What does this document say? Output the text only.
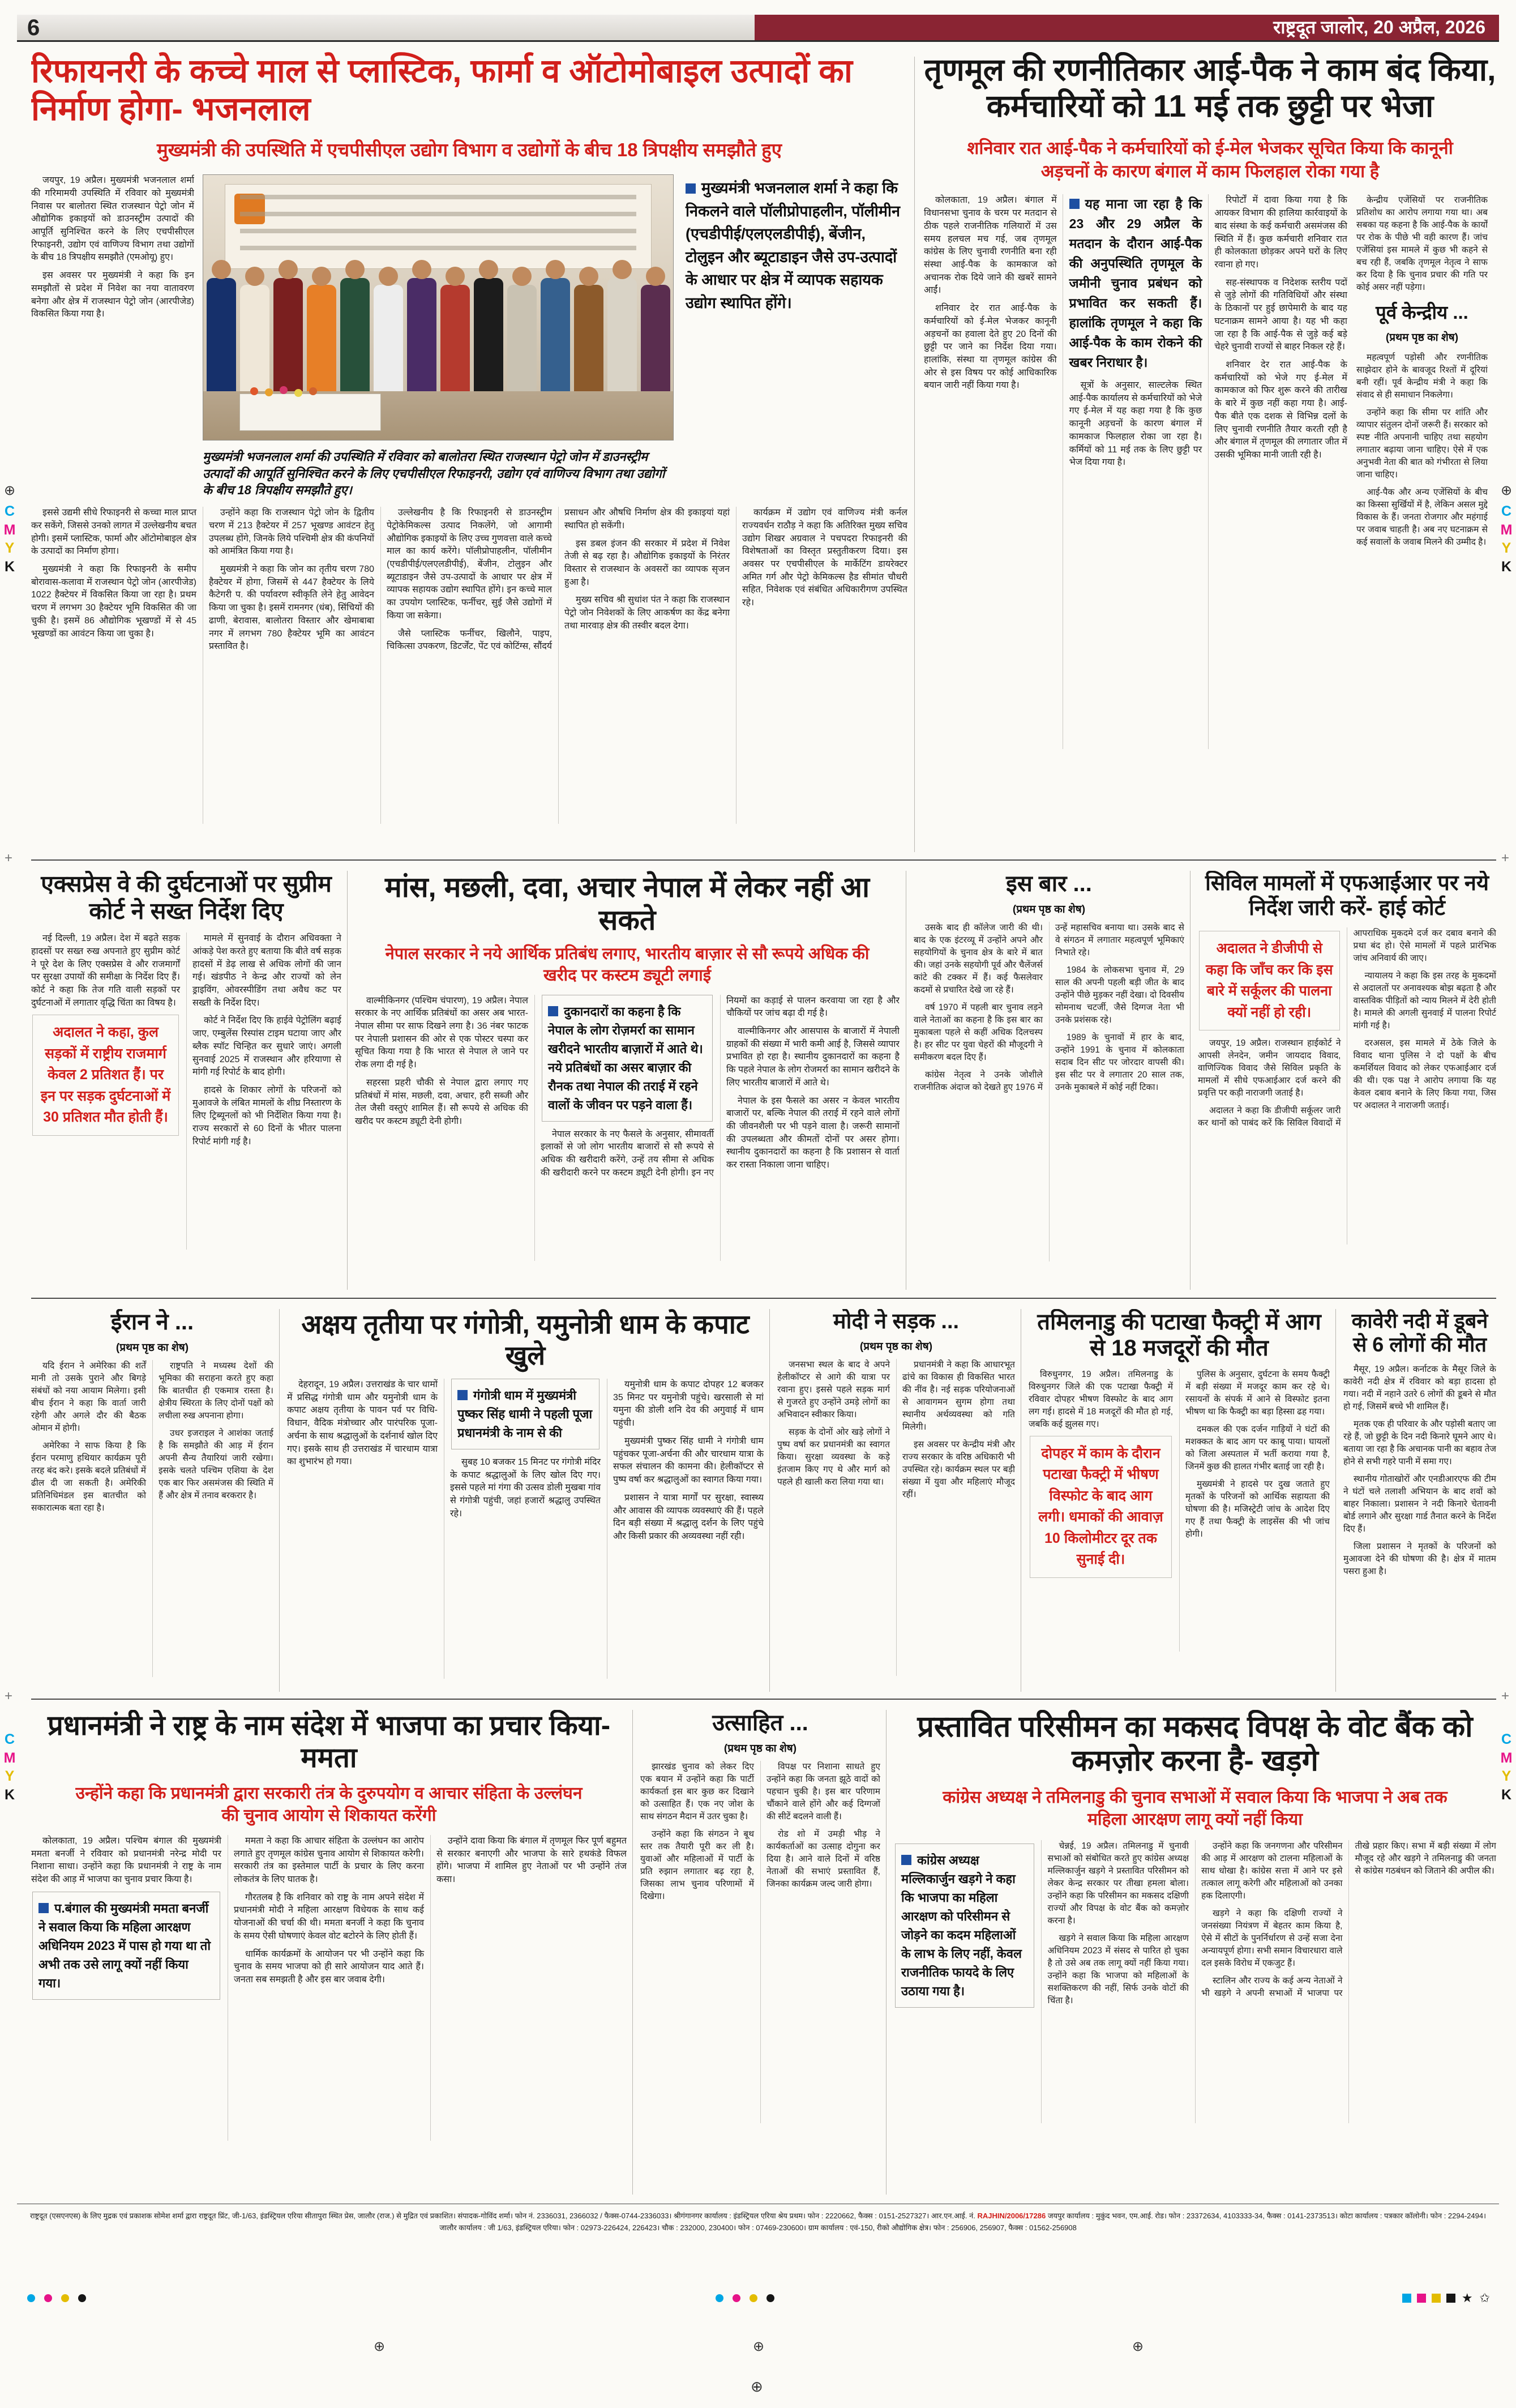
6	राष्ट्रदूत जालोर, 20 अप्रैल, 2026
रिफायनरी के कच्चे माल से प्लास्टिक, फार्मा व ऑटोमोबाइल उत्पादों का निर्माण होगा- भजनलाल
मुख्यमंत्री की उपस्थिति में एचपीसीएल उद्योग विभाग व उद्योगों के बीच 18 त्रिपक्षीय समझौते हुए

जयपुर, 19 अप्रैल। मुख्यमंत्री भजनलाल शर्मा की गरिमामयी उपस्थिति में रविवार को मुख्यमंत्री निवास पर बालोतरा स्थित राजस्थान पेट्रो जोन में औद्योगिक इकाइयों को डाउनस्ट्रीम उत्पादों की आपूर्ति सुनिश्चित करने के लिए एचपीसीएल रिफाइनरी, उद्योग एवं वाणिज्य विभाग तथा उद्योगों के बीच 18 त्रिपक्षीय समझौते (एमओयू) हुए।

इस अवसर पर मुख्यमंत्री ने कहा कि इन समझौतों से प्रदेश में निवेश का नया वातावरण बनेगा और क्षेत्र में राजस्थान पेट्रो जोन (आरपीजेड) विकसित किया गया है।

मुख्यमंत्री भजनलाल शर्मा ने कहा कि निकलने वाले पॉलीप्रोपाहलीन, पॉलीमीन (एचडीपीई/एलएलडीपीई), बेंजीन, टोलुइन और ब्यूटाडाइन जैसे उप-उत्पादों के आधार पर क्षेत्र में व्यापक सहायक उद्योग स्थापित होंगे।
मुख्यमंत्री भजनलाल शर्मा की उपस्थिति में रविवार को बालोतरा स्थित राजस्थान पेट्रो जोन में डाउनस्ट्रीम उत्पादों की आपूर्ति सुनिश्चित करने के लिए एचपीसीएल रिफाइनरी, उद्योग एवं वाणिज्य विभाग तथा उद्योगों के बीच 18 त्रिपक्षीय समझौते हुए।

इससे उद्यमी सीधे रिफाइनरी से कच्चा माल प्राप्त कर सकेंगे, जिससे उनको लागत में उल्लेखनीय बचत होगी। इसमें प्लास्टिक, फार्मा और ऑटोमोबाइल क्षेत्र के उत्पादों का निर्माण होगा।

मुख्यमंत्री ने कहा कि रिफाइनरी के समीप बोरावास-कलावा में राजस्थान पेट्रो जोन (आरपीजेड) 1022 हैक्टेयर में विकसित किया जा रहा है। प्रथम चरण में लगभग 30 हैक्टेयर भूमि विकसित की जा चुकी है। इसमें 86 औद्योगिक भूखण्डों में से 45 भूखण्डों का आवंटन किया जा चुका है।

उन्होंने कहा कि राजस्थान पेट्रो जोन के द्वितीय चरण में 213 हैक्टेयर में 257 भूखण्ड आवंटन हेतु उपलब्ध होंगे, जिनके लिये पश्चिमी क्षेत्र की कंपनियों को आमंत्रित किया गया है।

मुख्यमंत्री ने कहा कि जोन का तृतीय चरण 780 हैक्टेयर में होगा, जिसमें से 447 हैक्टेयर के लिये कैटेगरी प. की पर्यावरण स्वीकृति लेने हेतु आवेदन किया जा चुका है। इसमें रामनगर (धंब), सिंचियों की ढाणी, बेरावास, बालोतरा विस्तार और खेमाबाबा नगर में लगभग 780 हैक्टेयर भूमि का आवंटन प्रस्तावित है।

उल्लेखनीय है कि रिफाइनरी से डाउनस्ट्रीम पेट्रोकेमिकल्स उत्पाद निकलेंगे, जो आगामी औद्योगिक इकाइयों के लिए उच्च गुणवत्ता वाले कच्चे माल का कार्य करेंगे। पॉलीप्रोपाहलीन, पॉलीमीन (एचडीपीई/एलएलडीपीई), बेंजीन, टोलुइन और ब्यूटाडाइन जैसे उप-उत्पादों के आधार पर क्षेत्र में व्यापक सहायक उद्योग स्थापित होंगे। इन कच्चे माल का उपयोग प्लास्टिक, फर्नीचर, सुई जैसे उद्योगों में किया जा सकेगा।

जैसे प्लास्टिक फर्नीचर, खिलौने, पाइप, चिकित्सा उपकरण, डिटर्जेंट, पेंट एवं कोटिंग्स, सौंदर्य प्रसाधन और औषधि निर्माण क्षेत्र की इकाइयां यहां स्थापित हो सकेंगी।

इस डबल इंजन की सरकार में प्रदेश में निवेश तेजी से बढ़ रहा है। औद्योगिक इकाइयों के निरंतर विस्तार से राजस्थान के अवसरों का व्यापक सृजन हुआ है।

मुख्य सचिव श्री सुधांश पंत ने कहा कि राजस्थान पेट्रो जोन निवेशकों के लिए आकर्षण का केंद्र बनेगा तथा मारवाड़ क्षेत्र की तस्वीर बदल देगा।

कार्यक्रम में उद्योग एवं वाणिज्य मंत्री कर्नल राज्यवर्धन राठौड़ ने कहा कि अतिरिक्त मुख्य सचिव उद्योग शिखर अग्रवाल ने पचपदरा रिफाइनरी की विशेषताओं का विस्तृत प्रस्तुतीकरण दिया। इस अवसर पर एचपीसीएल के मार्केटिंग डायरेक्टर अमित गर्ग और पेट्रो केमिकल्स हैड सीमांत चौधरी सहित, निवेशक एवं संबंधित अधिकारीगण उपस्थित रहे।

तृणमूल की रणनीतिकार आई-पैक ने काम बंद किया, कर्मचारियों को 11 मई तक छुट्टी पर भेजा
शनिवार रात आई-पैक ने कर्मचारियों को ई-मेल भेजकर सूचित किया कि कानूनी अड़चनों के कारण बंगाल में काम फिलहाल रोका गया है

कोलकाता, 19 अप्रैल। बंगाल में विधानसभा चुनाव के चरम पर मतदान से ठीक पहले राजनीतिक गलियारों में उस समय हलचल मच गई, जब तृणमूल कांग्रेस के लिए चुनावी रणनीति बना रही संस्था आई-पैक के कामकाज को अचानक रोक दिये जाने की खबरें सामने आईं।

शनिवार देर रात आई-पैक के कर्मचारियों को ई-मेल भेजकर कानूनी अड़चनों का हवाला देते हुए 20 दिनों की छुट्टी पर जाने का निर्देश दिया गया। हालांकि, संस्था या तृणमूल कांग्रेस की ओर से इस विषय पर कोई आधिकारिक बयान जारी नहीं किया गया है।

यह माना जा रहा है कि 23 और 29 अप्रैल के मतदान के दौरान आई-पैक की अनुपस्थिति तृणमूल के जमीनी चुनाव प्रबंधन को प्रभावित कर सकती हैं। हालांकि तृणमूल ने कहा कि आई-पैक के काम रोकने की खबर निराधार है।

सूत्रों के अनुसार, साल्टलेक स्थित आई-पैक कार्यालय से कर्मचारियों को भेजे गए ई-मेल में यह कहा गया है कि कुछ कानूनी अड़चनों के कारण बंगाल में कामकाज फिलहाल रोका जा रहा है। कर्मियों को 11 मई तक के लिए छुट्टी पर भेज दिया गया है।

रिपोर्टों में दावा किया गया है कि आयकर विभाग की हालिया कार्रवाइयों के बाद संस्था के कई कर्मचारी असमंजस की स्थिति में हैं। कुछ कर्मचारी शनिवार रात ही कोलकाता छोड़कर अपने घरों के लिए रवाना हो गए।

सह-संस्थापक व निदेशक स्तरीय पदों से जुड़े लोगों की गतिविधियों और संस्था के ठिकानों पर हुई छापेमारी के बाद यह घटनाक्रम सामने आया है। यह भी कहा जा रहा है कि आई-पैक से जुड़े कई बड़े चेहरे चुनावी राज्यों से बाहर निकल रहे हैं।

शनिवार देर रात आई-पैक के कर्मचारियों को भेजे गए ई-मेल में कामकाज को फिर शुरू करने की तारीख के बारे में कुछ नहीं कहा गया है। आई-पैक बीते एक दशक से विभिन्न दलों के लिए चुनावी रणनीति तैयार करती रही है और बंगाल में तृणमूल की लगातार जीत में उसकी भूमिका मानी जाती रही है।

केन्द्रीय एजेंसियों पर राजनीतिक प्रतिशोध का आरोप लगाया गया था। अब सबका यह कहना है कि आई-पैक के कार्यों पर रोक के पीछे भी वही कारण हैं। जांच एजेंसियां इस मामले में कुछ भी कहने से बच रही हैं, जबकि तृणमूल नेतृत्व ने साफ कर दिया है कि चुनाव प्रचार की गति पर कोई असर नहीं पड़ेगा।

पूर्व केन्द्रीय ...
(प्रथम पृष्ठ का शेष)

महत्वपूर्ण पड़ोसी और रणनीतिक साझेदार होने के बावजूद रिश्तों में दूरियां बनी रहीं। पूर्व केन्द्रीय मंत्री ने कहा कि संवाद से ही समाधान निकलेगा।

उन्होंने कहा कि सीमा पर शांति और व्यापार संतुलन दोनों जरूरी हैं। सरकार को स्पष्ट नीति अपनानी चाहिए तथा सहयोग लगातार बढ़ाया जाना चाहिए। ऐसे में एक अनुभवी नेता की बात को गंभीरता से लिया जाना चाहिए।

आई-पैक और अन्य एजेंसियों के बीच का किस्सा सुर्खियों में है, लेकिन असल मुद्दे विकास के हैं। जनता रोजगार और महंगाई पर जवाब चाहती है। अब नए घटनाक्रम से कई सवालों के जवाब मिलने की उम्मीद है।

एक्सप्रेस वे की दुर्घटनाओं पर सुप्रीम कोर्ट ने सख्त निर्देश दिए

नई दिल्ली, 19 अप्रैल। देश में बढ़ते सड़क हादसों पर सख्त रुख अपनाते हुए सुप्रीम कोर्ट ने पूरे देश के लिए एक्सप्रेस वे और राजमार्गों पर सुरक्षा उपायों की समीक्षा के निर्देश दिए हैं। कोर्ट ने कहा कि तेज गति वाली सड़कों पर दुर्घटनाओं में लगातार वृद्धि चिंता का विषय है।

अदालत ने कहा, कुल सड़कों में राष्ट्रीय राजमार्ग केवल 2 प्रतिशत हैं। पर इन पर सड़क दुर्घटनाओं में 30 प्रतिशत मौत होती हैं।

मामले में सुनवाई के दौरान अधिवक्ता ने आंकड़े पेश करते हुए बताया कि बीते वर्ष सड़क हादसों में डेढ़ लाख से अधिक लोगों की जान गई। खंडपीठ ने केन्द्र और राज्यों को लेन ड्राइविंग, ओवरस्पीडिंग तथा अवैध कट पर सख्ती के निर्देश दिए।

कोर्ट ने निर्देश दिए कि हाईवे पेट्रोलिंग बढ़ाई जाए, एम्बुलेंस रिस्पांस टाइम घटाया जाए और ब्लैक स्पॉट चिन्हित कर सुधारे जाएं। अगली सुनवाई 2025 में राजस्थान और हरियाणा से मांगी गई रिपोर्ट के बाद होगी।

हादसे के शिकार लोगों के परिजनों को मुआवजे के लंबित मामलों के शीघ्र निस्तारण के लिए ट्रिब्यूनलों को भी निर्देशित किया गया है। राज्य सरकारों से 60 दिनों के भीतर पालना रिपोर्ट मांगी गई है।

मांस, मछली, दवा, अचार नेपाल में लेकर नहीं आ सकते
नेपाल सरकार ने नये आर्थिक प्रतिबंध लगाए, भारतीय बाज़ार से सौ रूपये अधिक की खरीद पर कस्टम ड्यूटी लगाई

वाल्मीकिनगर (पश्चिम चंपारण), 19 अप्रैल। नेपाल सरकार के नए आर्थिक प्रतिबंधों का असर अब भारत-नेपाल सीमा पर साफ दिखने लगा है। 36 नंबर फाटक पर नेपाली प्रशासन की ओर से एक पोस्टर चस्पा कर सूचित किया गया है कि भारत से नेपाल ले जाने पर रोक लगा दी गई है।

सहरसा प्रहरी चौकी से नेपाल द्वारा लगाए गए प्रतिबंधों में मांस, मछली, दवा, अचार, हरी सब्जी और तेल जैसी वस्तुएं शामिल हैं। सौ रूपये से अधिक की खरीद पर कस्टम ड्यूटी देनी होगी।

दुकानदारों का कहना है कि नेपाल के लोग रोज़मर्रा का सामान खरीदने भारतीय बाज़ारों में आते थे। नये प्रतिबंधों का असर बाज़ार की रौनक तथा नेपाल की तराई में रहने वालों के जीवन पर पड़ने वाला हैं।

नेपाल सरकार के नए फैसले के अनुसार, सीमावर्ती इलाकों से जो लोग भारतीय बाजारों से सौ रूपये से अधिक की खरीदारी करेंगे, उन्हें तय सीमा से अधिक की खरीदारी करने पर कस्टम ड्यूटी देनी होगी। इन नए नियमों का कड़ाई से पालन करवाया जा रहा है और चौकियों पर जांच बढ़ा दी गई है।

वाल्मीकिनगर और आसपास के बाजारों में नेपाली ग्राहकों की संख्या में भारी कमी आई है, जिससे व्यापार प्रभावित हो रहा है। स्थानीय दुकानदारों का कहना है कि पहले नेपाल के लोग रोजमर्रा का सामान खरीदने के लिए भारतीय बाजारों में आते थे।

नेपाल के इस फैसले का असर न केवल भारतीय बाजारों पर, बल्कि नेपाल की तराई में रहने वाले लोगों की जीवनशैली पर भी पड़ने वाला है। जरूरी सामानों की उपलब्धता और कीमतों दोनों पर असर होगा। स्थानीय दुकानदारों का कहना है कि प्रशासन से वार्ता कर रास्ता निकाला जाना चाहिए।

इस बार ...
(प्रथम पृष्ठ का शेष)

उसके बाद ही कॉलेज जारी की थी। बाद के एक इंटरव्यू में उन्होंने अपने और सहयोगियों के चुनाव क्षेत्र के बारे में बात की। जहां उनके सहयोगी पूर्व और चैलेंजर्स कांटे की टक्कर में हैं। कई फैसलेवार कदमों से प्रचारित देखे जा रहे हैं।

वर्ष 1970 में पहली बार चुनाव लड़ने वाले नेताओं का कहना है कि इस बार का मुकाबला पहले से कहीं अधिक दिलचस्प है। हर सीट पर युवा चेहरों की मौजूदगी ने समीकरण बदल दिए हैं।

कांग्रेस नेतृत्व ने उनके जोशीले राजनीतिक अंदाज को देखते हुए 1976 में उन्हें महासचिव बनाया था। उसके बाद से वे संगठन में लगातार महत्वपूर्ण भूमिकाएं निभाते रहे।

1984 के लोकसभा चुनाव में, 29 साल की अपनी पहली बड़ी जीत के बाद उन्होंने पीछे मुड़कर नहीं देखा। दो दिवसीय सोमनाथ चटर्जी, जैसे दिग्गज नेता भी उनके प्रशंसक रहे।

1989 के चुनावों में हार के बाद, उन्होंने 1991 के चुनाव में कोलकाता सदाब दिन सीट पर जोरदार वापसी की। इस सीट पर वे लगातार 20 साल तक, उनके मुकाबले में कोई नहीं टिका।

सिविल मामलों में एफआईआर पर नये निर्देश जारी करें- हाई कोर्ट
अदालत ने डीजीपी से कहा कि जाँच कर कि इस बारे में सर्कूलर की पालना क्यों नहीं हो रही।

जयपुर, 19 अप्रैल। राजस्थान हाईकोर्ट ने आपसी लेनदेन, जमीन जायदाद विवाद, वाणिज्यिक विवाद जैसे सिविल प्रकृति के मामलों में सीधे एफआईआर दर्ज करने की प्रवृत्ति पर कड़ी नाराजगी जताई है।

अदालत ने कहा कि डीजीपी सर्कूलर जारी कर थानों को पाबंद करें कि सिविल विवादों में आपराधिक मुकदमे दर्ज कर दबाव बनाने की प्रथा बंद हो। ऐसे मामलों में पहले प्रारंभिक जांच अनिवार्य की जाए।

न्यायालय ने कहा कि इस तरह के मुकदमों से अदालतों पर अनावश्यक बोझ बढ़ता है और वास्तविक पीड़ितों को न्याय मिलने में देरी होती है। मामले की अगली सुनवाई में पालना रिपोर्ट मांगी गई है।

दरअसल, इस मामले में ठेके जिले के विवाद थाना पुलिस ने दो पक्षों के बीच कमर्शियल विवाद को लेकर एफआईआर दर्ज की थी। एक पक्ष ने आरोप लगाया कि यह केवल दबाव बनाने के लिए किया गया, जिस पर अदालत ने नाराजगी जताई।

ईरान ने ...
(प्रथम पृष्ठ का शेष)

यदि ईरान ने अमेरिका की शर्तें मानी तो उसके पुराने और बिगड़े संबंधों को नया आयाम मिलेगा। इसी बीच ईरान ने कहा कि वार्ता जारी रहेगी और अगले दौर की बैठक ओमान में होगी।

अमेरिका ने साफ किया है कि ईरान परमाणु हथियार कार्यक्रम पूरी तरह बंद करे। इसके बदले प्रतिबंधों में ढील दी जा सकती है। अमेरिकी प्रतिनिधिमंडल इस बातचीत को सकारात्मक बता रहा है।

राष्ट्रपति ने मध्यस्थ देशों की भूमिका की सराहना करते हुए कहा कि बातचीत ही एकमात्र रास्ता है। क्षेत्रीय स्थिरता के लिए दोनों पक्षों को लचीला रुख अपनाना होगा।

उधर इजराइल ने आशंका जताई है कि समझौते की आड़ में ईरान अपनी सैन्य तैयारियां जारी रखेगा। इसके चलते पश्चिम एशिया के देश एक बार फिर असमंजस की स्थिति में हैं और क्षेत्र में तनाव बरकरार है।

अक्षय तृतीया पर गंगोत्री, यमुनोत्री धाम के कपाट खुले

देहरादून, 19 अप्रैल। उत्तराखंड के चार धामों में प्रसिद्ध गंगोत्री धाम और यमुनोत्री धाम के कपाट अक्षय तृतीया के पावन पर्व पर विधि-विधान, वैदिक मंत्रोच्चार और पारंपरिक पूजा-अर्चना के साथ श्रद्धालुओं के दर्शनार्थ खोल दिए गए। इसके साथ ही उत्तराखंड में चारधाम यात्रा का शुभारंभ हो गया।

गंगोत्री धाम में मुख्यमंत्री पुष्कर सिंह धामी ने पहली पूजा प्रधानमंत्री के नाम से की

सुबह 10 बजकर 15 मिनट पर गंगोत्री मंदिर के कपाट श्रद्धालुओं के लिए खोल दिए गए। इससे पहले मां गंगा की उत्सव डोली मुखबा गांव से गंगोत्री पहुंची, जहां हजारों श्रद्धालु उपस्थित रहे।

यमुनोत्री धाम के कपाट दोपहर 12 बजकर 35 मिनट पर यमुनोत्री पहुंचे। खरसाली से मां यमुना की डोली शनि देव की अगुवाई में धाम पहुंची।

मुख्यमंत्री पुष्कर सिंह धामी ने गंगोत्री धाम पहुंचकर पूजा-अर्चना की और चारधाम यात्रा के सफल संचालन की कामना की। हेलीकॉप्टर से पुष्प वर्षा कर श्रद्धालुओं का स्वागत किया गया।

प्रशासन ने यात्रा मार्गों पर सुरक्षा, स्वास्थ्य और आवास की व्यापक व्यवस्थाएं की हैं। पहले दिन बड़ी संख्या में श्रद्धालु दर्शन के लिए पहुंचे और किसी प्रकार की अव्यवस्था नहीं रही।

मोदी ने सड़क ...
(प्रथम पृष्ठ का शेष)

जनसभा स्थल के बाद वे अपने हेलीकॉप्टर से आगे की यात्रा पर रवाना हुए। इससे पहले सड़क मार्ग से गुजरते हुए उन्होंने उमड़े लोगों का अभिवादन स्वीकार किया।

सड़क के दोनों ओर खड़े लोगों ने पुष्प वर्षा कर प्रधानमंत्री का स्वागत किया। सुरक्षा व्यवस्था के कड़े इंतजाम किए गए थे और मार्ग को पहले ही खाली करा लिया गया था।

प्रधानमंत्री ने कहा कि आधारभूत ढांचे का विकास ही विकसित भारत की नींव है। नई सड़क परियोजनाओं से आवागमन सुगम होगा तथा स्थानीय अर्थव्यवस्था को गति मिलेगी।

इस अवसर पर केन्द्रीय मंत्री और राज्य सरकार के वरिष्ठ अधिकारी भी उपस्थित रहे। कार्यक्रम स्थल पर बड़ी संख्या में युवा और महिलाएं मौजूद रहीं।

तमिलनाडु की पटाखा फैक्ट्री में आग से 18 मजदूरों की मौत

विरुधुनगर, 19 अप्रैल। तमिलनाडु के विरुधुनगर जिले की एक पटाखा फैक्ट्री में रविवार दोपहर भीषण विस्फोट के बाद आग लग गई। हादसे में 18 मजदूरों की मौत हो गई, जबकि कई झुलस गए।

दोपहर में काम के दौरान पटाखा फैक्ट्री में भीषण विस्फोट के बाद आग लगी। धमाकों की आवाज़ 10 किलोमीटर दूर तक सुनाई दी।

पुलिस के अनुसार, दुर्घटना के समय फैक्ट्री में बड़ी संख्या में मजदूर काम कर रहे थे। रसायनों के संपर्क में आने से विस्फोट इतना भीषण था कि फैक्ट्री का बड़ा हिस्सा ढह गया।

दमकल की एक दर्जन गाड़ियों ने घंटों की मशक्कत के बाद आग पर काबू पाया। घायलों को जिला अस्पताल में भर्ती कराया गया है, जिनमें कुछ की हालत गंभीर बताई जा रही है।

मुख्यमंत्री ने हादसे पर दुख जताते हुए मृतकों के परिजनों को आर्थिक सहायता की घोषणा की है। मजिस्ट्रेटी जांच के आदेश दिए गए हैं तथा फैक्ट्री के लाइसेंस की भी जांच होगी।

कावेरी नदी में डूबने से 6 लोगों की मौत

मैसूर, 19 अप्रैल। कर्नाटक के मैसूर जिले के कावेरी नदी क्षेत्र में रविवार को बड़ा हादसा हो गया। नदी में नहाने उतरे 6 लोगों की डूबने से मौत हो गई, जिसमें बच्चे भी शामिल हैं।

मृतक एक ही परिवार के और पड़ोसी बताए जा रहे हैं, जो छुट्टी के दिन नदी किनारे घूमने आए थे। बताया जा रहा है कि अचानक पानी का बहाव तेज होने से सभी गहरे पानी में समा गए।

स्थानीय गोताखोरों और एनडीआरएफ की टीम ने घंटों चले तलाशी अभियान के बाद शवों को बाहर निकाला। प्रशासन ने नदी किनारे चेतावनी बोर्ड लगाने और सुरक्षा गार्ड तैनात करने के निर्देश दिए हैं।

जिला प्रशासन ने मृतकों के परिजनों को मुआवजा देने की घोषणा की है। क्षेत्र में मातम पसरा हुआ है।

प्रधानमंत्री ने राष्ट्र के नाम संदेश में भाजपा का प्रचार किया- ममता
उन्होंने कहा कि प्रधानमंत्री द्वारा सरकारी तंत्र के दुरुपयोग व आचार संहिता के उल्लंघन की चुनाव आयोग से शिकायत करेंगी

कोलकाता, 19 अप्रैल। पश्चिम बंगाल की मुख्यमंत्री ममता बनर्जी ने रविवार को प्रधानमंत्री नरेन्द्र मोदी पर निशाना साधा। उन्होंने कहा कि प्रधानमंत्री ने राष्ट्र के नाम संदेश की आड़ में भाजपा का चुनाव प्रचार किया है।

प.बंगाल की मुख्यमंत्री ममता बनर्जी ने सवाल किया कि महिला आरक्षण अधिनियम 2023 में पास हो गया था तो अभी तक उसे लागू क्यों नहीं किया गया।

ममता ने कहा कि आचार संहिता के उल्लंघन का आरोप लगाते हुए तृणमूल कांग्रेस चुनाव आयोग से शिकायत करेगी। सरकारी तंत्र का इस्तेमाल पार्टी के प्रचार के लिए करना लोकतंत्र के लिए घातक है।

गौरतलब है कि शनिवार को राष्ट्र के नाम अपने संदेश में प्रधानमंत्री मोदी ने महिला आरक्षण विधेयक के साथ कई योजनाओं की चर्चा की थी। ममता बनर्जी ने कहा कि चुनाव के समय ऐसी घोषणाएं केवल वोट बटोरने के लिए होती हैं।

धार्मिक कार्यक्रमों के आयोजन पर भी उन्होंने कहा कि चुनाव के समय भाजपा को ही सारे आयोजन याद आते हैं। जनता सब समझती है और इस बार जवाब देगी।

उन्होंने दावा किया कि बंगाल में तृणमूल फिर पूर्ण बहुमत से सरकार बनाएगी और भाजपा के सारे हथकंडे विफल होंगे। भाजपा में शामिल हुए नेताओं पर भी उन्होंने तंज कसा।

उत्साहित ...
(प्रथम पृष्ठ का शेष)

झारखंड चुनाव को लेकर दिए एक बयान में उन्होंने कहा कि पार्टी कार्यकर्ता इस बार कुछ कर दिखाने को उत्साहित हैं। एक नए जोश के साथ संगठन मैदान में उतर चुका है।

उन्होंने कहा कि संगठन ने बूथ स्तर तक तैयारी पूरी कर ली है। युवाओं और महिलाओं में पार्टी के प्रति रुझान लगातार बढ़ रहा है, जिसका लाभ चुनाव परिणामों में दिखेगा।

विपक्ष पर निशाना साधते हुए उन्होंने कहा कि जनता झूठे वादों को पहचान चुकी है। इस बार परिणाम चौंकाने वाले होंगे और कई दिग्गजों की सीटें बदलने वाली हैं।

रोड शो में उमड़ी भीड़ ने कार्यकर्ताओं का उत्साह दोगुना कर दिया है। आने वाले दिनों में वरिष्ठ नेताओं की सभाएं प्रस्तावित हैं, जिनका कार्यक्रम जल्द जारी होगा।

प्रस्तावित परिसीमन का मकसद विपक्ष के वोट बैंक को कमज़ोर करना है- खड़गे
कांग्रेस अध्यक्ष ने तमिलनाडु की चुनाव सभाओं में सवाल किया कि भाजपा ने अब तक महिला आरक्षण लागू क्यों नहीं किया
कांग्रेस अध्यक्ष मल्लिकार्जुन खड़गे ने कहा कि भाजपा का महिला आरक्षण को परिसीमन से जोड़ने का कदम महिलाओं के लाभ के लिए नहीं, केवल राजनीतिक फायदे के लिए उठाया गया है।

चेन्नई, 19 अप्रैल। तमिलनाडु में चुनावी सभाओं को संबोधित करते हुए कांग्रेस अध्यक्ष मल्लिकार्जुन खड़गे ने प्रस्तावित परिसीमन को लेकर केन्द्र सरकार पर तीखा हमला बोला। उन्होंने कहा कि परिसीमन का मकसद दक्षिणी राज्यों और विपक्ष के वोट बैंक को कमज़ोर करना है।

खड़गे ने सवाल किया कि महिला आरक्षण अधिनियम 2023 में संसद से पारित हो चुका है तो उसे अब तक लागू क्यों नहीं किया गया। उन्होंने कहा कि भाजपा को महिलाओं के सशक्तिकरण की नहीं, सिर्फ उनके वोटों की चिंता है।

उन्होंने कहा कि जनगणना और परिसीमन की आड़ में आरक्षण को टालना महिलाओं के साथ धोखा है। कांग्रेस सत्ता में आने पर इसे तत्काल लागू करेगी और महिलाओं को उनका हक दिलाएगी।

खड़गे ने कहा कि दक्षिणी राज्यों ने जनसंख्या नियंत्रण में बेहतर काम किया है, ऐसे में सीटों के पुनर्निर्धारण से उन्हें सजा देना अन्यायपूर्ण होगा। सभी समान विचारधारा वाले दल इसके विरोध में एकजुट हैं।

स्टालिन और राज्य के कई अन्य नेताओं ने भी खड़गे ने अपनी सभाओं में भाजपा पर तीखे प्रहार किए। सभा में बड़ी संख्या में लोग मौजूद रहे और खड़गे ने तमिलनाडु की जनता से कांग्रेस गठबंधन को जिताने की अपील की।

राष्ट्रदूत (एसएनएस) के लिए मुद्रक एवं प्रकाशक सोमेश शर्मा द्वारा राष्ट्रदूत प्रिंट, जी-1/63, इंडस्ट्रियल एरिया सीतापुरा स्थित प्रेस, जालौर (राज.) से मुद्रित एवं प्रकाशित। संपादक-गोविंद शर्मा। फोन नं. 2336031, 2366032 / फैक्स-0744-2336033। श्रीगंगानगर कार्यालय : इंडस्ट्रियल एरिया श्रेय प्रथम। फोन : 2220662, फैक्स : 0151-2527327। आर.एन.आई. नं. RAJHIN/2006/17286 जयपुर कार्यालय : मुकुंद भवन, एम.आई. रोड। फोन : 23372634, 4103333-34, फैक्स : 0141-2373513। कोटा कार्यालय : पत्रकार कॉलोनी। फोन : 2294-2494।
जालौर कार्यालय : जी 1/63, इंडस्ट्रियल एरिया। फोन : 02973-226424, 226423। चौक : 232000, 230400। फोन : 07469-230600। ग्राम कार्यालय : एवं-150, रीको औद्योगिक क्षेत्र। फोन : 256906, 256907, फैक्स : 01562-256908
★ ✩
⊕	⊕	⊕
⊕
⊕
C
M
Y
K
⊕
C
M
Y
K
C
M
Y
K
C
M
Y
K
+	+
+	+
